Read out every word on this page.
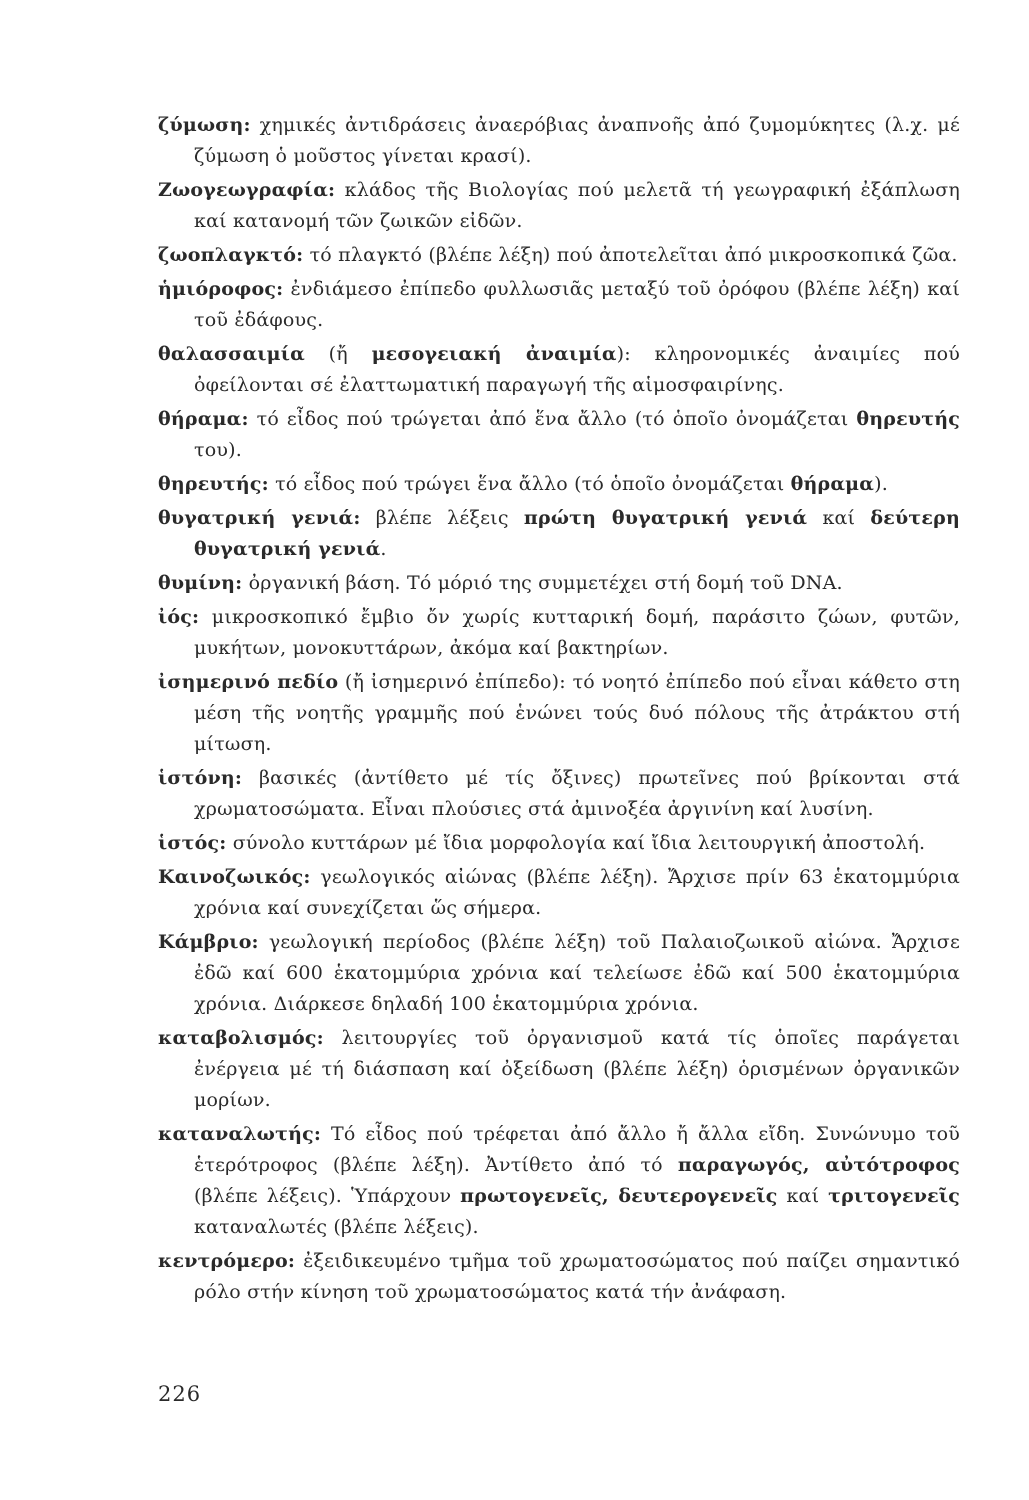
ζύμωση: χημικές ἀντιδράσεις ἀναερόβιας ἀναπνοῆς ἀπό ζυμομύκητες (λ.χ. μέ ζύμωση ὁ μοῦστος γίνεται κρασί).

Ζωογεωγραφία: κλάδος τῆς Βιολογίας πού μελετᾶ τή γεωγραφική ἐξάπλωση καί κατανομή τῶν ζωικῶν εἰδῶν.

ζωοπλαγκτό: τό πλαγκτό (βλέπε λέξη) πού ἀποτελεῖται ἀπό μικροσκοπικά ζῶα.

ἡμιόροφος: ἐνδιάμεσο ἐπίπεδο φυλλωσιᾶς μεταξύ τοῦ ὀρόφου (βλέπε λέξη) καί τοῦ ἐδάφους.

θαλασσαιμία (ἤ μεσογειακή ἀναιμία): κληρονομικές ἀναιμίες πού ὀφείλονται σέ ἐλαττωματική παραγωγή τῆς αἱμοσφαιρίνης.

θήραμα: τό εἶδος πού τρώγεται ἀπό ἕνα ἄλλο (τό ὁποῖο ὀνομάζεται θηρευτής του).

θηρευτής: τό εἶδος πού τρώγει ἕνα ἄλλο (τό ὁποῖο ὀνομάζεται θήραμα).

θυγατρική γενιά: βλέπε λέξεις πρώτη θυγατρική γενιά καί δεύτερη θυγατρική γενιά.

θυμίνη: ὀργανική βάση. Τό μόριό της συμμετέχει στή δομή τοῦ DNA.

ἰός: μικροσκοπικό ἔμβιο ὄν χωρίς κυτταρική δομή, παράσιτο ζώων, φυτῶν, μυκήτων, μονοκυττάρων, ἀκόμα καί βακτηρίων.

ἰσημερινό πεδίο (ἤ ἰσημερινό ἐπίπεδο): τό νοητό ἐπίπεδο πού εἶναι κάθετο στη μέση τῆς νοητῆς γραμμῆς πού ἑνώνει τούς δυό πόλους τῆς ἀτράκτου στή μίτωση.

ἱστόνη: βασικές (ἀντίθετο μέ τίς ὄξινες) πρωτεῖνες πού βρίκονται στά χρωματοσώματα. Εἶναι πλούσιες στά ἀμινοξέα ἀργινίνη καί λυσίνη.

ἱστός: σύνολο κυττάρων μέ ἴδια μορφολογία καί ἴδια λειτουργική ἀποστολή.

Καινοζωικός: γεωλογικός αἰώνας (βλέπε λέξη). Ἄρχισε πρίν 63 ἑκατομμύρια χρόνια καί συνεχίζεται ὥς σήμερα.

Κάμβριο: γεωλογική περίοδος (βλέπε λέξη) τοῦ Παλαιοζωικοῦ αἰώνα. Ἄρχισε ἐδῶ καί 600 ἑκατομμύρια χρόνια καί τελείωσε ἐδῶ καί 500 ἑκατομμύρια χρόνια. Διάρκεσε δηλαδή 100 ἑκατομμύρια χρόνια.

καταβολισμός: λειτουργίες τοῦ ὀργανισμοῦ κατά τίς ὁποῖες παράγεται ἐνέργεια μέ τή διάσπαση καί ὀξείδωση (βλέπε λέξη) ὁρισμένων ὀργανικῶν μορίων.

καταναλωτής: Τό εἶδος πού τρέφεται ἀπό ἄλλο ἤ ἄλλα εἴδη. Συνώνυμο τοῦ ἑτερότροφος (βλέπε λέξη). Ἀντίθετο ἀπό τό παραγωγός, αὐτότροφος (βλέπε λέξεις). Ὑπάρχουν πρωτογενεῖς, δευτερογενεῖς καί τριτογενεῖς καταναλωτές (βλέπε λέξεις).

κεντρόμερο: ἐξειδικευμένο τμῆμα τοῦ χρωματοσώματος πού παίζει σημαντικό ρόλο στήν κίνηση τοῦ χρωματοσώματος κατά τήν ἀνάφαση.

226
